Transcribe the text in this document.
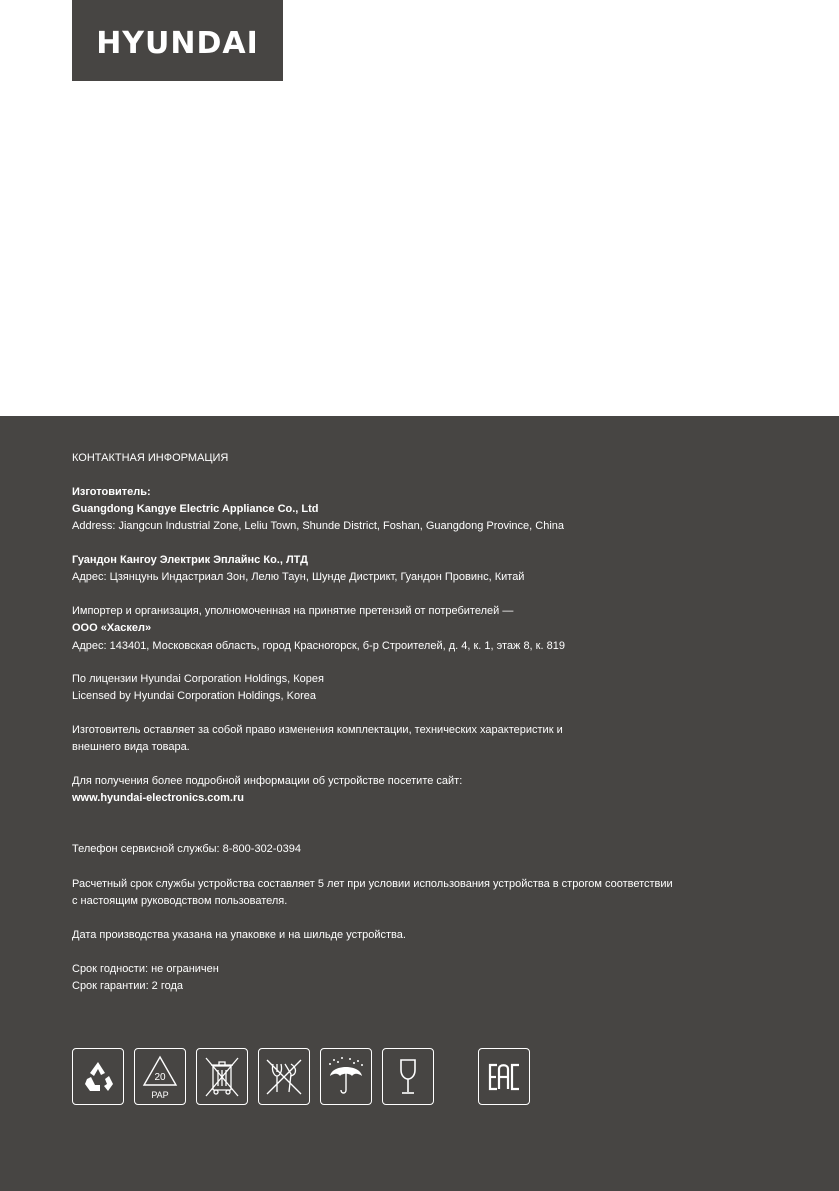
HYUNDAI
КОНТАКТНАЯ ИНФОРМАЦИЯ
Изготовитель:
Guangdong Kangye Electric Appliance Co., Ltd
Address: Jiangcun Industrial Zone, Leliu Town, Shunde District, Foshan, Guangdong Province, China
Гуандон Кангоу Электрик Эплайнс Ко., ЛТД
Адрес: Цзянцунь Индастриал Зон, Лелю Таун, Шунде Дистрикт, Гуандон Провинс, Китай
Импортер и организация, уполномоченная на принятие претензий от потребителей —
ООО «Хаскел»
Адрес: 143401, Московская область, город Красногорск, б-р Строителей, д. 4, к. 1, этаж 8, к. 819
По лицензии Hyundai Corporation Holdings, Корея
Licensed by Hyundai Corporation Holdings, Korea
Изготовитель оставляет за собой право изменения комплектации, технических характеристик и
внешнего вида товара.
Для получения более подробной информации об устройстве посетите сайт:
www.hyundai-electronics.com.ru
Телефон сервисной службы: 8-800-302-0394
Расчетный срок службы устройства составляет 5 лет при условии использования устройства в строгом соответствии
с настоящим руководством пользователя.
Дата производства указана на упаковке и на шильде устройства.
Срок годности: не ограничен
Срок гарантии: 2 года
20
PAP
